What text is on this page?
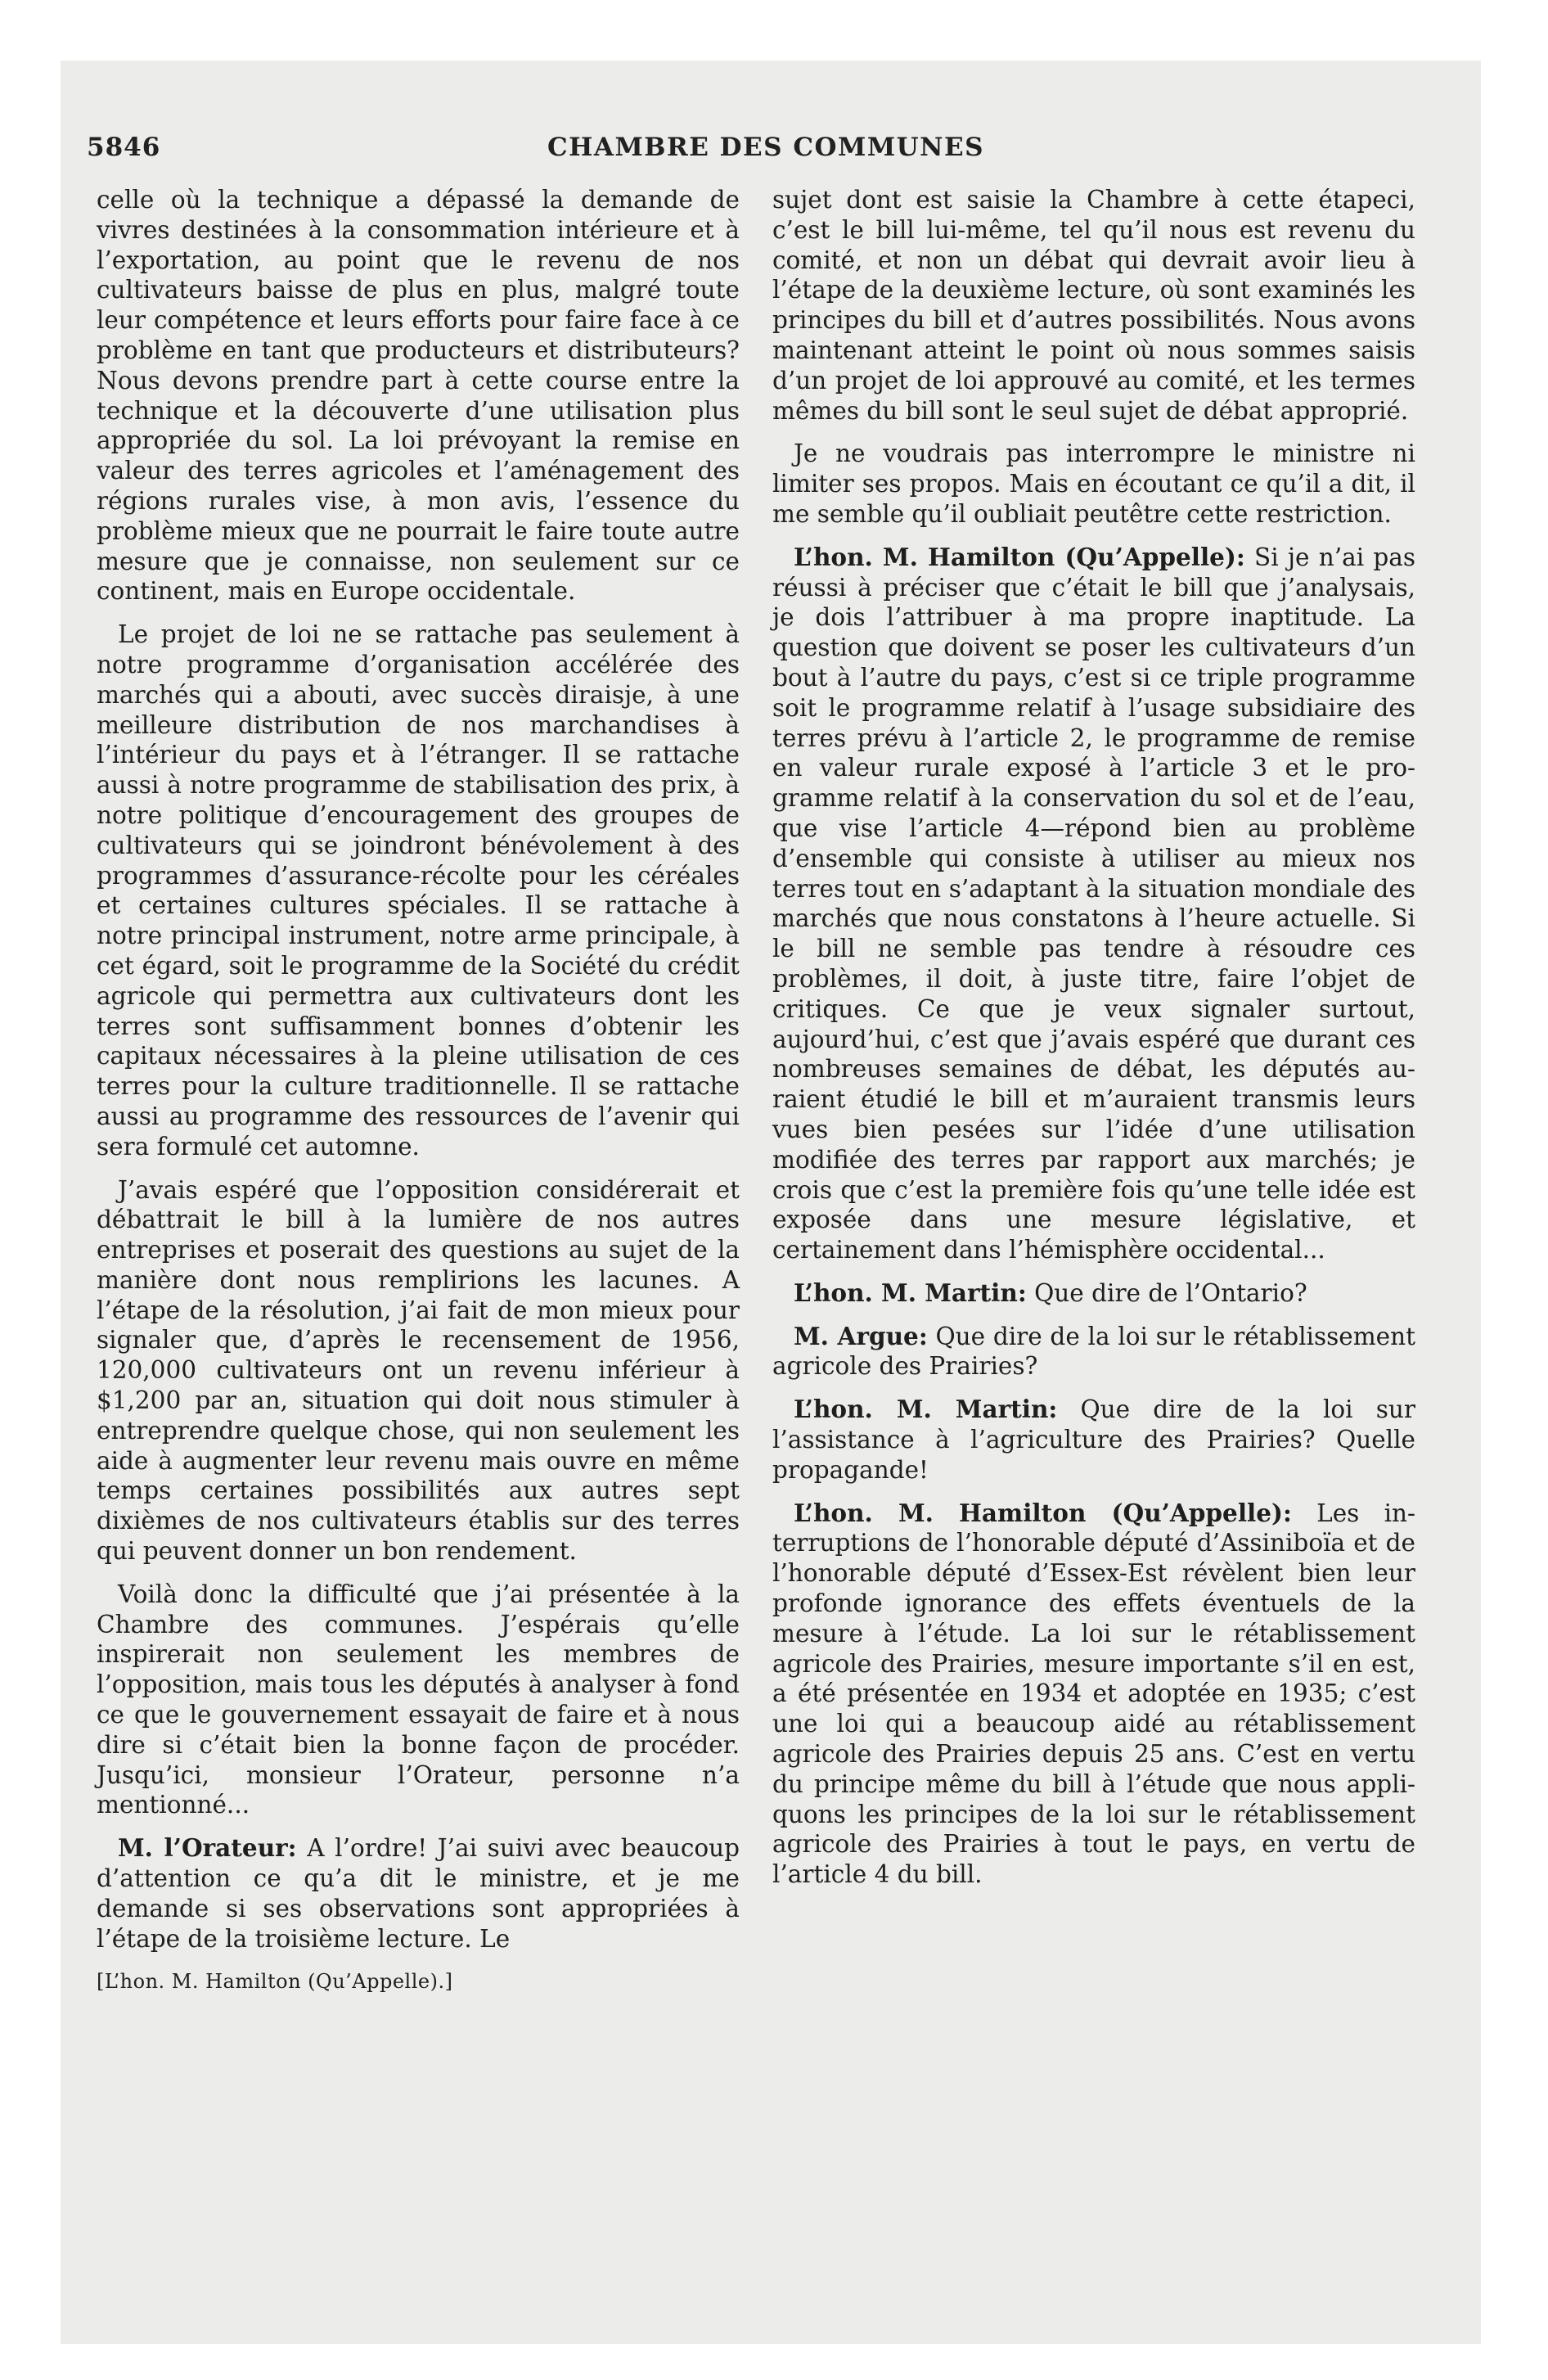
5846	CHAMBRE DES COMMUNES

celle où la technique a dépassé la demande de vivres destinées à la consommation intérieure et à l’exportation, au point que le revenu de nos cultivateurs baisse de plus en plus, malgré toute leur compétence et leurs efforts pour faire face à ce problème en tant que producteurs et distributeurs? Nous devons prendre part à cette course entre la technique et la découverte d’une utilisation plus appropriée du sol. La loi prévoyant la remise en valeur des terres agricoles et l’aménagement des régions rurales vise, à mon avis, l’essence du problème mieux que ne pourrait le faire toute autre mesure que je connaisse, non seulement sur ce continent, mais en Europe occidentale.

Le projet de loi ne se rattache pas seulement à notre programme d’organisation accélérée des marchés qui a abouti, avec succès diraisje, à une meilleure distribution de nos marchandises à l’intérieur du pays et à l’étranger. Il se rattache aussi à notre programme de stabilisation des prix, à notre politique d’encouragement des groupes de cultivateurs qui se joindront bénévolement à des programmes d’assurance-récolte pour les céréales et certaines cultures spéciales. Il se rattache à notre principal instrument, notre arme principale, à cet égard, soit le programme de la Société du crédit agricole qui permettra aux cultivateurs dont les terres sont suffisamment bonnes d’obtenir les capitaux nécessaires à la pleine utilisation de ces terres pour la culture traditionnelle. Il se rattache aussi au programme des ressources de l’avenir qui sera formulé cet automne.

J’avais espéré que l’opposition considérerait et débattrait le bill à la lumière de nos autres entreprises et poserait des questions au sujet de la manière dont nous remplirions les lacunes. A l’étape de la résolution, j’ai fait de mon mieux pour signaler que, d’après le recensement de 1956, 120,000 cultivateurs ont un revenu inférieur à $1,200 par an, situation qui doit nous stimuler à entreprendre quelque chose, qui non seulement les aide à augmenter leur revenu mais ouvre en même temps certaines possibilités aux autres sept dixièmes de nos cultivateurs établis sur des terres qui peuvent donner un bon rendement.

Voilà donc la difficulté que j’ai présentée à la Chambre des communes. J’espérais qu’elle inspirerait non seulement les membres de l’opposition, mais tous les députés à analyser à fond ce que le gouvernement essayait de faire et à nous dire si c’était bien la bonne façon de procéder. Jusqu’ici, monsieur l’Orateur, personne n’a mentionné...

M. l’Orateur: A l’ordre! J’ai suivi avec beaucoup d’attention ce qu’a dit le ministre, et je me demande si ses observations sont appropriées à l’étape de la troisième lecture. Le

[L’hon. M. Hamilton (Qu’Appelle).]

sujet dont est saisie la Chambre à cette étapeci, c’est le bill lui-même, tel qu’il nous est revenu du comité, et non un débat qui devrait avoir lieu à l’étape de la deuxième lecture, où sont examinés les principes du bill et d’autres possibilités. Nous avons maintenant atteint le point où nous sommes saisis d’un projet de loi approuvé au comité, et les termes mêmes du bill sont le seul sujet de débat approprié.

Je ne voudrais pas interrompre le ministre ni limiter ses propos. Mais en écoutant ce qu’il a dit, il me semble qu’il oubliait peutêtre cette restriction.

L’hon. M. Hamilton (Qu’Appelle): Si je n’ai pas réussi à préciser que c’était le bill que j’analysais, je dois l’attribuer à ma propre inaptitude. La question que doivent se poser les cultivateurs d’un bout à l’autre du pays, c’est si ce triple programme soit le programme relatif à l’usage subsidiaire des terres prévu à l’article 2, le programme de remise en valeur rurale exposé à l’article 3 et le programme relatif à la conservation du sol et de l’eau, que vise l’article 4—répond bien au problème d’ensemble qui consiste à utiliser au mieux nos terres tout en s’adaptant à la situation mondiale des marchés que nous constatons à l’heure actuelle. Si le bill ne semble pas tendre à résoudre ces problèmes, il doit, à juste titre, faire l’objet de critiques. Ce que je veux signaler surtout, aujourd’hui, c’est que j’avais espéré que durant ces nombreuses semaines de débat, les députés auraient étudié le bill et m’auraient transmis leurs vues bien pesées sur l’idée d’une utilisation modifiée des terres par rapport aux marchés; je crois que c’est la première fois qu’une telle idée est exposée dans une mesure législative, et certainement dans l’hémisphère occidental...

L’hon. M. Martin: Que dire de l’Ontario?

M. Argue: Que dire de la loi sur le rétablissement agricole des Prairies?

L’hon. M. Martin: Que dire de la loi sur l’assistance à l’agriculture des Prairies? Quelle propagande!

L’hon. M. Hamilton (Qu’Appelle): Les interruptions de l’honorable député d’Assiniboïa et de l’honorable député d’Essex-Est révèlent bien leur profonde ignorance des effets éventuels de la mesure à l’étude. La loi sur le rétablissement agricole des Prairies, mesure importante s’il en est, a été présentée en 1934 et adoptée en 1935; c’est une loi qui a beaucoup aidé au rétablissement agricole des Prairies depuis 25 ans. C’est en vertu du principe même du bill à l’étude que nous appliquons les principes de la loi sur le rétablissement agricole des Prairies à tout le pays, en vertu de l’article 4 du bill.
